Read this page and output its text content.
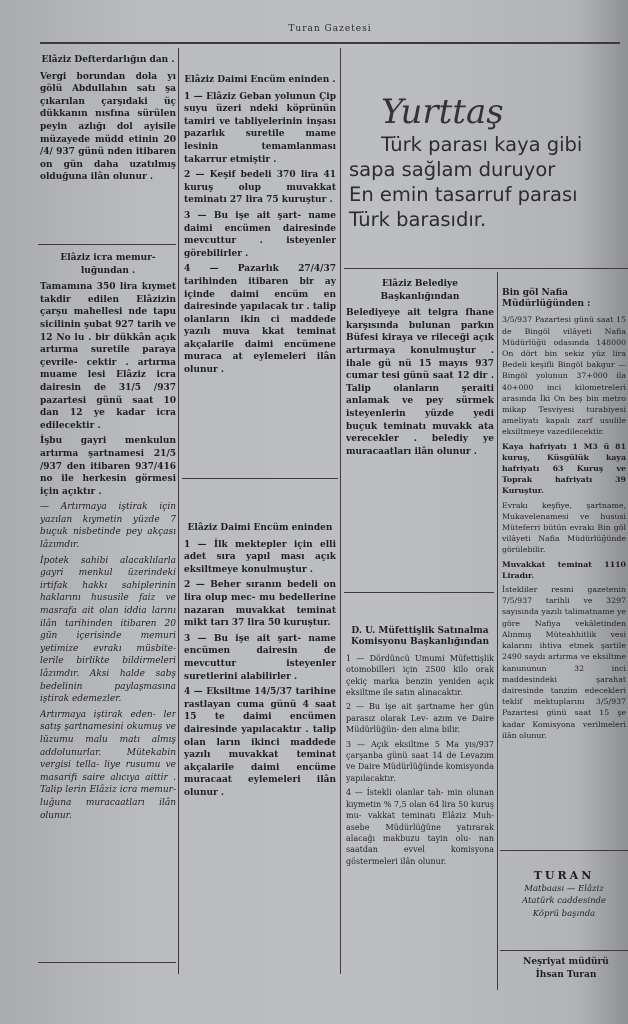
Turan Gazetesi
Elâziz Defterdarlığın dan .

Vergi borundan dola yı gölü Abdullahın satı şa çıkarılan çarşıdaki üç dükkanın nısfına sürülen peyin azlığı dol ayisile müzayede müdd etinin 20 /4/ 937 günü nden itibaren on gün daha uzatılmış olduğuna ilân olunur .

Elâziz icra memur- luğundan .

Tamamına 350 lira kıymet takdir edilen Elâzizin çarşu mahellesi nde tapu sicilinin şubat 927 tarih ve 12 No lu . bir dükkân açık artırma suretile paraya çevrile- cektir . artırma muame lesi Elâziz icra dairesin de 31/5 /937 pazartesi günü saat 10 dan 12 ye kadar icra edilecektir .

İşbu gayri menkulun artırma şartnamesi 21/5 /937 den itibaren 937/416 no ile herkesin görmesi için açıktır .

— Artırmaya iştirak için yazılan kıymetin yüzde 7 buçuk nisbetinde pey akçası lâzımdır.

İpotek sahibi alacaklılarla gayri menkul üzerindeki irtifak hakkı sahiplerinin haklarını hususile faiz ve masrafa ait olan iddia larını ilân tarihinden itibaren 20 gün içerisinde memuri yetimize evrakı müsbite- lerile birlikte bildirmeleri lâzımdır. Aksi halde sabş bedelinin paylaşmasına iştirak edemezler.

Artırmaya iştirak eden- ler satış şartnamesini okumuş ve lüzumu malu matı almış addolunurlar. Mütekabin vergisi tella- liye rusumu ve masarifi saire alıcıya aittir . Talip lerin Elâziz icra memur- luğuna muracaatları ilân olunur.

Elâziz Daimi Encüm eninden .

1 — Elâziz Geban yolunun Çip suyu üzeri ndeki köprünün tamiri ve tabliyelerinin inşası pazarlık suretile mame lesinin temamlanması takarrur etmiştir .

2 — Keşif bedeli 370 lira 41 kuruş olup muvakkat teminatı 27 lira 75 kuruştur .

3 — Bu işe ait şart- name daimi encümen dairesinde mevcuttur . isteyenler görebilirler .

4 — Pazarlık 27/4/37 tarihinden itibaren bir ay içinde daimi encüm en dairesinde yapılacak tır . talip olanların ikin ci maddede yazılı muva kkat teminat akçalarile daimi encümene muraca at eylemeleri ilân olunur .

Elâziz Daimi Encüm eninden

1 — İlk mektepler için elli adet sıra yapıl ması açık eksiltmeye konulmuştur .

2 — Beher sıranın bedeli on lira olup mec- mu bedellerine nazaran muvakkat teminat mikt tarı 37 lira 50 kuruştur.

3 — Bu işe ait şart- name encümen dairesin de mevcuttur isteyenler suretlerini alabilirler .

4 — Eksiltme 14/5/37 tarihine rastlayan cuma günü 4 saat 15 te daimi encümen dairesinde yapılacaktır . talip olan ların ikinci maddede yazılı muvakkat teminat akçalarile daimi encüme muracaat eylemeleri ilân olunur .

Yurttaş
Türk parası kaya gibi
sapa sağlam duruyor
En emin tasarruf parası
Türk barasıdır.
Elâziz Belediye Başkanlığından

Belediyeye ait telgra fhane karşısında bulunan parkın Büfesi kiraya ve rileceği açık artırmaya konulmuştur . ihale gü nü 15 mayıs 937 cumar tesi günü saat 12 dir . Talip olanların şeraiti anlamak ve pey sürmek isteyenlerin yüzde yedi buçuk teminatı muvakk ata verecekler . belediy ye muracaatları ilân olunur .

D. U. Müfettişlik Satınalma Komisyonu Başkanlığından

1 — Dördüncü Umumi Müfettişlik otomobilleri için 2500 kilo orak çekiç marka benzin yeniden açık eksiltme ile satın alınacaktır.

2 — Bu işe ait şartname her gün parasız olarak Lev- azım ve Daire Müdürlüğün- den alına bilir.

3 — Açık eksiltme 5 Ma yıs/937 çarşanba günü saat 14 de Levazım ve Daire Müdürlüğünde komisyonda yapılacaktır.

4 — İstekli olanlar tah- min olunan kıymetin % 7,5 olan 64 lira 50 kuruş mu- vakkat teminatı Elâziz Muh- asebe Müdürlüğüne yatırarak alacağı makbuzu tayin olu- nan saatdan evvel komisyona göstermeleri ilân olunur.

Bin göl Nafia Müdürlüğünden :

3/5/937 Pazartesi günü saat 15 de Bingöl vilâyeti Nafia Müdürlüğü odasında 148000 On dört bin sekiz yüz lira Bedeli keşifli Bingöl bakgur — Bingöl yolunun 37+000 ila 40+000 inci kilometreleri arasında İki On beş bin metro mikap Tesviyesi turabiyesi ameliyatı kapalı zarf usulile eksiltmeye vazedilecektir.

Kaya hafriyatı 1 M3 ü 81 kuruş, Küsgülük kaya hafriyatı 63 Kuruş ve Toprak hafriyatı 39 Kuruştur.

Evrakı keşfiye, şartname, Mukavelenamesi ve hususi Müteferri bütün evrakı Bin göl vilâyeti Nafia Müdürlüğünde görülebilir.

Muvakkat teminat 1110 Liradır.

İstekliler resmi gazetenin 7/5/937 tarihli ve 3297 sayısında yazılı talimatname ye göre Nafiya vekâletinden Alınmış Müteahhitlik vesi kalarını ihtiva etmek şartile 2490 saydı artırma ve eksiltme kanununun 32 inci maddesindeki şarahat dairesinde tanzim edecekleri teklif mektuplarını 3/5/937 Pazartesi günü saat 15 şe kadar Komisyona verilmeleri ilân olunur.

TURAN
Matbaası — Elâziz
Atatürk caddesinde
Köprü başında
Neşriyat müdürü
İhsan Turan
